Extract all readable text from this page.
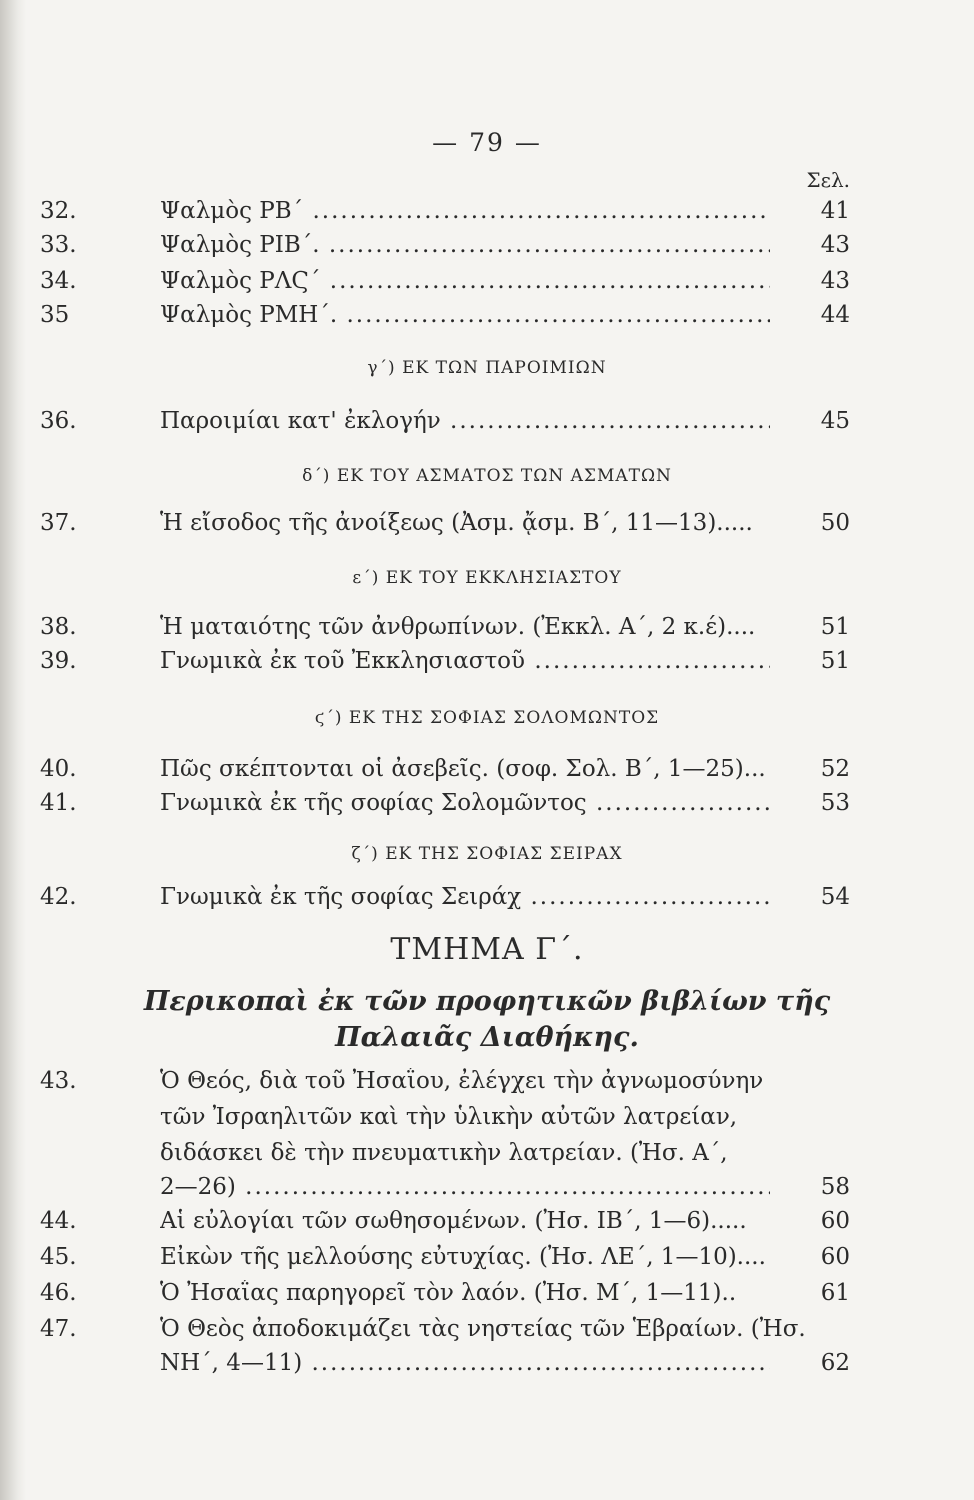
— 79 —
Σελ.
32.	Ψαλμὸς ΡΒ΄ .....	41
33.	Ψαλμὸς ΡΙΒ΄. .....	43
34.	Ψαλμὸς ΡΛϚ΄ .....	43
35	Ψαλμὸς ΡΜΗ΄. .....	44
γ΄) ΕΚ ΤΩΝ ΠΑΡΟΙΜΙΩΝ
36.	Παροιμίαι κατ' ἐκλογήν .....	45
δ΄) ΕΚ ΤΟΥ ΑΣΜΑΤΟΣ ΤΩΝ ΑΣΜΑΤΩΝ
37.	Ἡ εἴσοδος τῆς ἀνοίξεως (Ἆσμ. ᾄσμ. Β΄, 11—13).....	50
ε΄) ΕΚ ΤΟΥ ΕΚΚΛΗΣΙΑΣΤΟΥ
38.	Ἡ ματαιότης τῶν ἀνθρωπίνων. (Ἐκκλ. Α΄, 2 κ.έ)....	51
39.	Γνωμικὰ ἐκ τοῦ Ἐκκλησιαστοῦ .....	51
ϛ΄) ΕΚ ΤΗΣ ΣΟΦΙΑΣ ΣΟΛΟΜΩΝΤΟΣ
40.	Πῶς σκέπτονται οἱ ἀσεβεῖς. (σοφ. Σολ. Β΄, 1—25)...	52
41.	Γνωμικὰ ἐκ τῆς σοφίας Σολομῶντος .....	53
ζ΄) ΕΚ ΤΗΣ ΣΟΦΙΑΣ ΣΕΙΡΑΧ
42.	Γνωμικὰ ἐκ τῆς σοφίας Σειράχ .....	54
ΤΜΗΜΑ Γ΄.
Περικοπαὶ ἐκ τῶν προφητικῶν βιβλίων τῆς
Παλαιᾶς Διαθήκης.
43.	Ὁ Θεός, διὰ τοῦ Ἠσαΐου, ἐλέγχει τὴν ἀγνωμοσύνην
τῶν Ἰσραηλιτῶν καὶ τὴν ὑλικὴν αὐτῶν λατρείαν,
διδάσκει δὲ τὴν πνευματικὴν λατρείαν. (Ἠσ. Α΄,
2—26) .....	58
44.	Αἱ εὐλογίαι τῶν σωθησομένων. (Ἠσ. ΙΒ΄, 1—6).....	60
45.	Εἰκὼν τῆς μελλούσης εὐτυχίας. (Ἠσ. ΛΕ΄, 1—10)....	60
46.	Ὁ Ἠσαΐας παρηγορεῖ τὸν λαόν. (Ἠσ. Μ΄, 1—11)..	61
47.	Ὁ Θεὸς ἀποδοκιμάζει τὰς νηστείας τῶν Ἑβραίων. (Ἠσ.
ΝΗ΄, 4—11) .....	62
